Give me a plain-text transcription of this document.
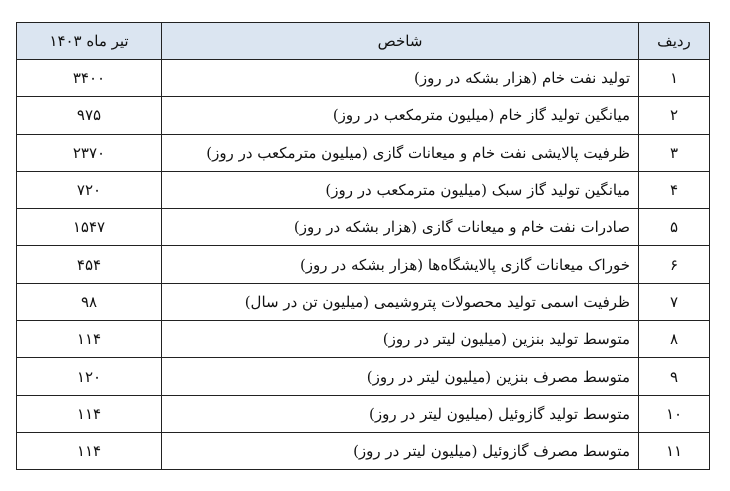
ردیف	شاخص	تیر ماه ۱۴۰۳
۱	تولید نفت خام (هزار بشکه در روز)	۳۴۰۰
۲	میانگین تولید گاز خام (میلیون مترمکعب در روز)	۹۷۵
۳	ظرفیت پالایشی نفت خام و میعانات گازی (میلیون مترمکعب در روز)	۲۳۷۰
۴	میانگین تولید گاز سبک (میلیون مترمکعب در روز)	۷۲۰
۵	صادرات نفت خام و میعانات گازی (هزار بشکه در روز)	۱۵۴۷
۶	خوراک میعانات گازی پالایشگاه‌ها (هزار بشکه در روز)	۴۵۴
۷	ظرفیت اسمی تولید محصولات پتروشیمی (میلیون تن در سال)	۹۸
۸	متوسط تولید بنزین (میلیون لیتر در روز)	۱۱۴
۹	متوسط مصرف بنزین (میلیون لیتر در روز)	۱۲۰
۱۰	متوسط تولید گازوئیل (میلیون لیتر در روز)	۱۱۴
۱۱	متوسط مصرف گازوئیل (میلیون لیتر در روز)	۱۱۴
